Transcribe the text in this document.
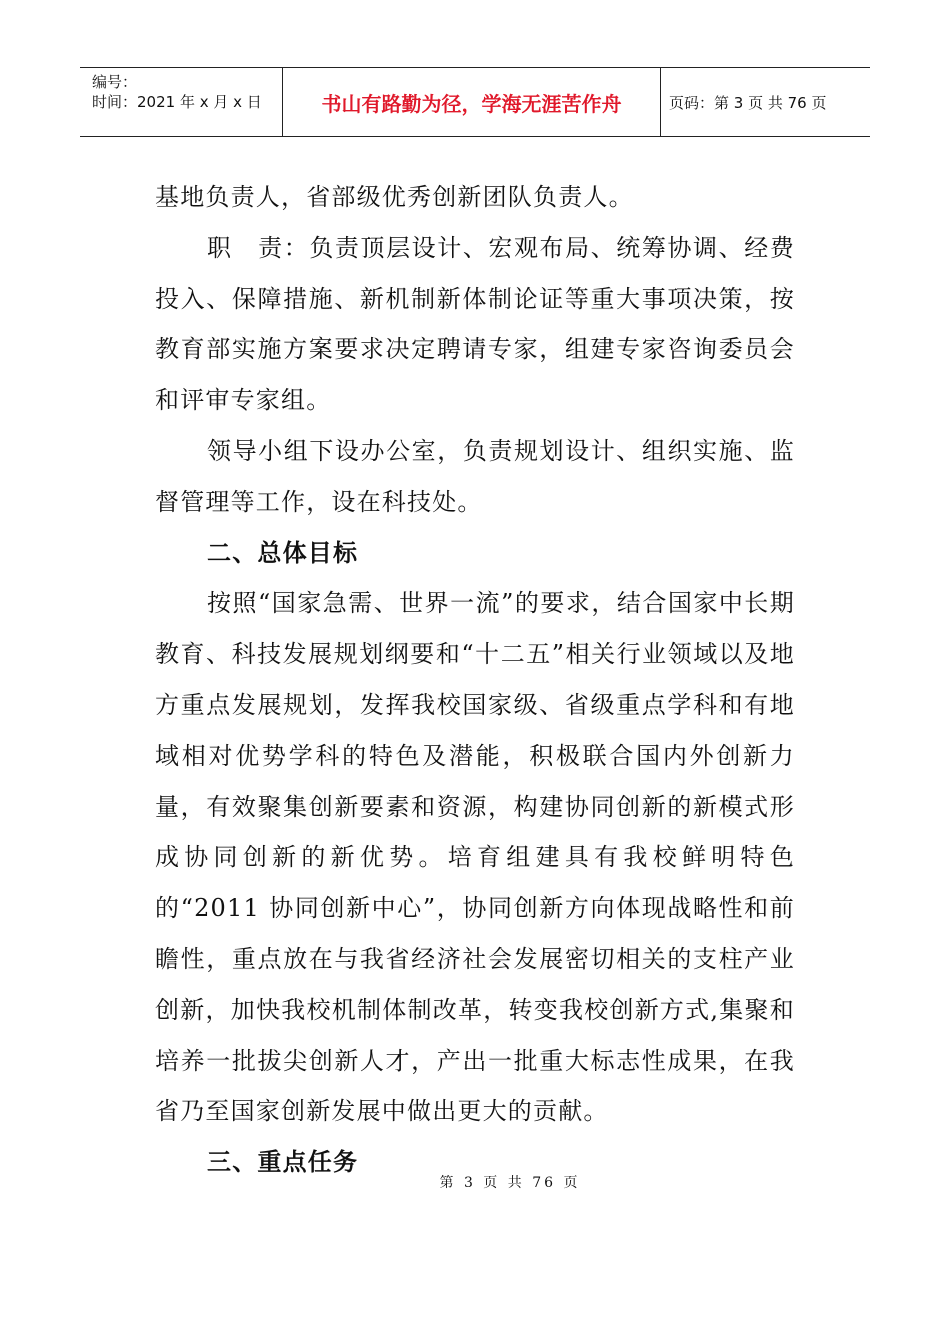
编号：
时间：2021 年 x 月 x 日	书山有路勤为径，学海无涯苦作舟	页码：第 3 页 共 76 页

基地负责人，省部级优秀创新团队负责人。

职　责：负责顶层设计、宏观布局、统筹协调、经费投入、保障措施、新机制新体制论证等重大事项决策，按教育部实施方案要求决定聘请专家，组建专家咨询委员会和评审专家组。

领导小组下设办公室，负责规划设计、组织实施、监督管理等工作，设在科技处。

二、总体目标

按照“国家急需、世界一流”的要求，结合国家中长期教育、科技发展规划纲要和“十二五”相关行业领域以及地方重点发展规划，发挥我校国家级、省级重点学科和有地域相对优势学科的特色及潜能，积极联合国内外创新力量，有效聚集创新要素和资源，构建协同创新的新模式形成协同创新的新优势。培育组建具有我校鲜明特色的“2011 协同创新中心”，协同创新方向体现战略性和前瞻性，重点放在与我省经济社会发展密切相关的支柱产业创新，加快我校机制体制改革，转变我校创新方式,集聚和培养一批拔尖创新人才，产出一批重大标志性成果，在我省乃至国家创新发展中做出更大的贡献。

三、重点任务

第 3 页 共 76 页
